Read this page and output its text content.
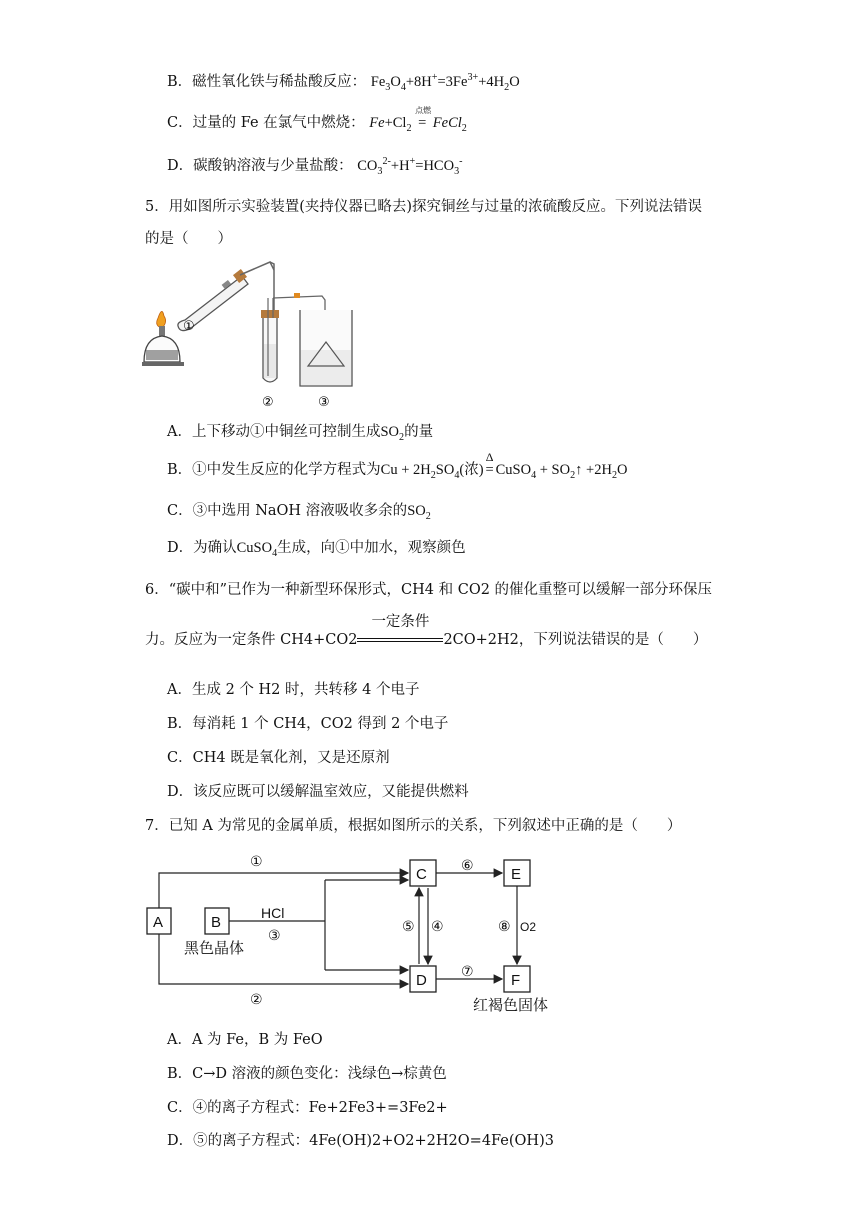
B．磁性氧化铁与稀盐酸反应： $Fe_3O_4+8H^+=3Fe^{3+}+4H_2O$
C．过量的 Fe 在氯气中燃烧： $Fe+Cl_2$
点燃
= FeCl$_2$
D．碳酸钠溶液与少量盐酸： $CO_3^{2-}+H^+=HCO_3^-$
5．用如图所示实验装置(夹持仪器已略去)探究铜丝与过量的浓硫酸反应。下列说法错误
的是（　　）
①
②	③
A．上下移动①中铜丝可控制生成$SO_2$的量
B．①中发生反应的化学方程式为$Cu + 2H_2SO_4$(浓)
Δ
= CuSO$_4$ + $SO_2↑ +2H_2O$
C．③中选用 NaOH 溶液吸收多余的$SO_2$
D．为确认CuSO$_4$生成，向①中加水，观察颜色
6．“碳中和”已作为一种新型环保形式，CH4 和 CO2 的催化重整可以缓解一部分环保压
力。反应为一定条件 CH4+CO2
一定条件
2CO+2H2，下列说法错误的是（　　）
A．生成 2 个 H2 时，共转移 4 个电子
B．每消耗 1 个 CH4，CO2 得到 2 个电子
C．CH4 既是氧化剂，又是还原剂
D．该反应既可以缓解温室效应，又能提供燃料
7．已知 A 为常见的金属单质，根据如图所示的关系，下列叙述中正确的是（　　）
A	B
C
D
E
F
①
②
③
④
⑤
⑥
⑦
⑧ O2
HCl
黑色晶体
红褐色固体
A．A 为 Fe，B 为 FeO
B．C→D 溶液的颜色变化：浅绿色→棕黄色
C．④的离子方程式：Fe+2Fe3+=3Fe2+
D．⑤的离子方程式：4Fe(OH)2+O2+2H2O=4Fe(OH)3
